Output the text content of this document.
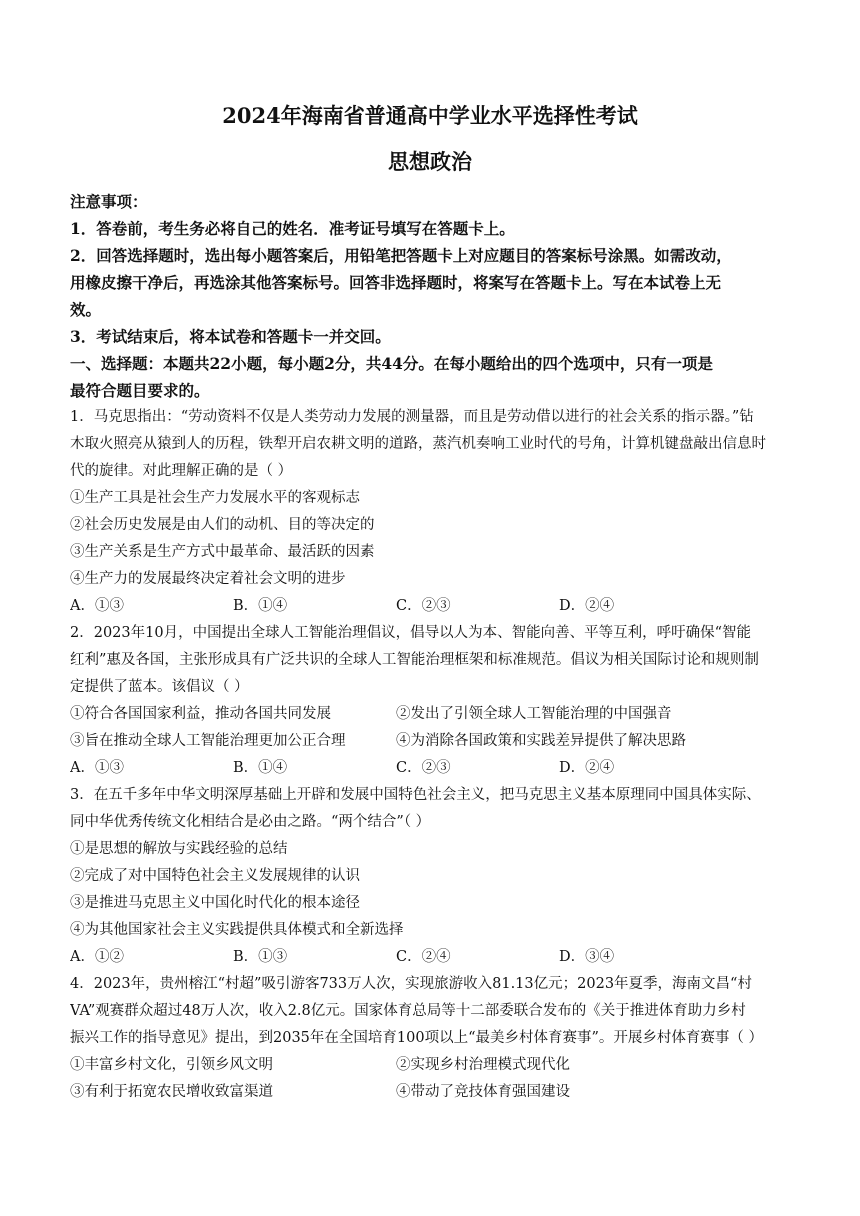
2024年海南省普通高中学业水平选择性考试
思想政治
注意事项：
1．答卷前，考生务必将自己的姓名．准考证号填写在答题卡上。
2．回答选择题时，选出每小题答案后，用铅笔把答题卡上对应题目的答案标号涂黑。如需改动，
用橡皮擦干净后，再选涂其他答案标号。回答非选择题时，将案写在答题卡上。写在本试卷上无
效。
3．考试结束后，将本试卷和答题卡一并交回。
一、选择题：本题共22小题，每小题2分，共44分。在每小题给出的四个选项中，只有一项是
最符合题目要求的。
1．马克思指出：“劳动资料不仅是人类劳动力发展的测量器，而且是劳动借以进行的社会关系的指示器。”钻
木取火照亮从猿到人的历程，铁犁开启农耕文明的道路，蒸汽机奏响工业时代的号角，计算机键盘敲出信息时
代的旋律。对此理解正确的是（ ）
①生产工具是社会生产力发展水平的客观标志
②社会历史发展是由人们的动机、目的等决定的
③生产关系是生产方式中最革命、最活跃的因素
④生产力的发展最终决定着社会文明的进步
A．①③	B．①④	C．②③	D．②④
2．2023年10月，中国提出全球人工智能治理倡议，倡导以人为本、智能向善、平等互利，呼吁确保“智能
红利”惠及各国，主张形成具有广泛共识的全球人工智能治理框架和标准规范。倡议为相关国际讨论和规则制
定提供了蓝本。该倡议（ ）
①符合各国国家利益，推动各国共同发展	②发出了引领全球人工智能治理的中国强音
③旨在推动全球人工智能治理更加公正合理	④为消除各国政策和实践差异提供了解决思路
A．①③	B．①④	C．②③	D．②④
3．在五千多年中华文明深厚基础上开辟和发展中国特色社会主义，把马克思主义基本原理同中国具体实际、
同中华优秀传统文化相结合是必由之路。“两个结合”（ ）
①是思想的解放与实践经验的总结
②完成了对中国特色社会主义发展规律的认识
③是推进马克思主义中国化时代化的根本途径
④为其他国家社会主义实践提供具体模式和全新选择
A．①②	B．①③	C．②④	D．③④
4．2023年，贵州榕江“村超”吸引游客733万人次，实现旅游收入81.13亿元；2023年夏季，海南文昌“村
VA”观赛群众超过48万人次，收入2.8亿元。国家体育总局等十二部委联合发布的《关于推进体育助力乡村
振兴工作的指导意见》提出，到2035年在全国培育100项以上“最美乡村体育赛事”。开展乡村体育赛事（ ）
①丰富乡村文化，引领乡风文明	②实现乡村治理模式现代化
③有利于拓宽农民增收致富渠道	④带动了竞技体育强国建设
